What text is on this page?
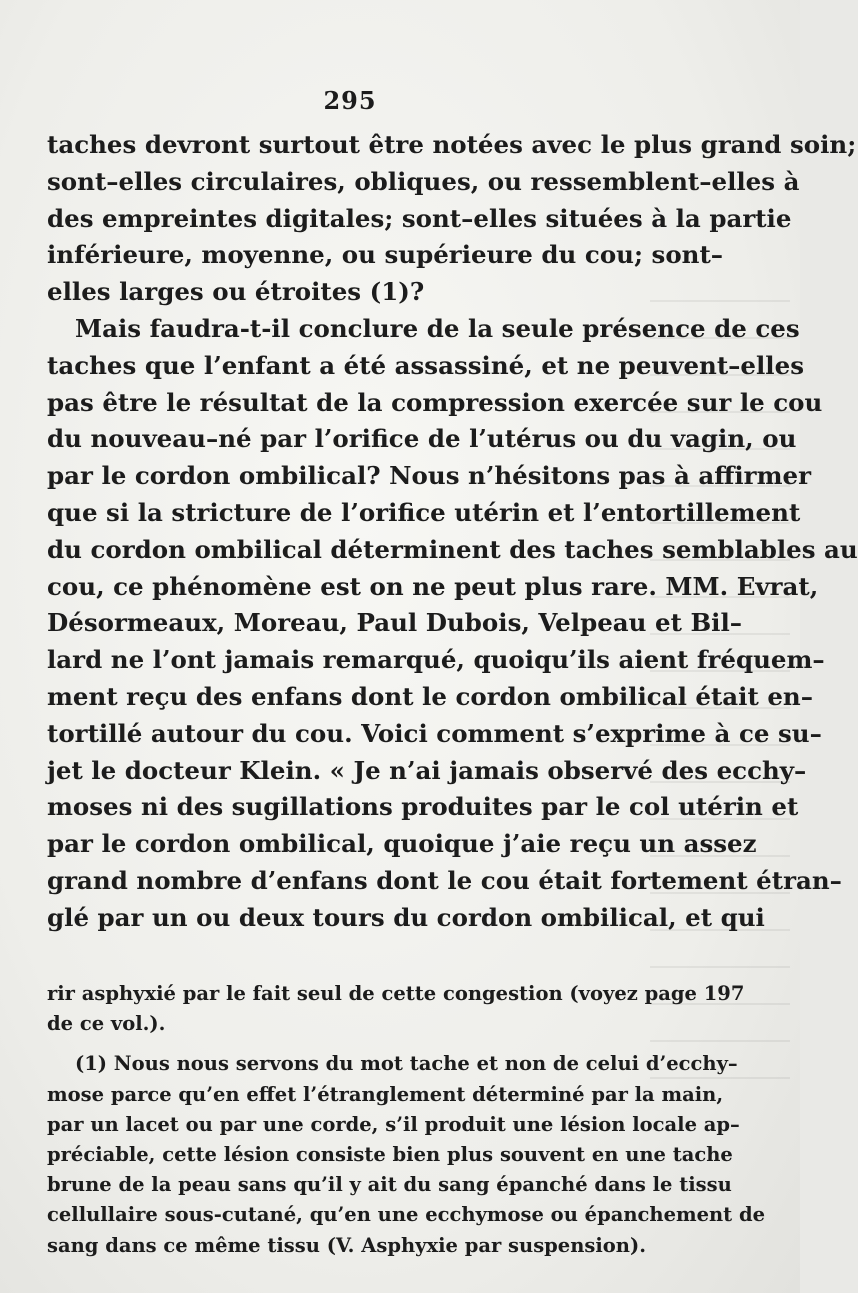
295
taches devront surtout être notées avec le plus grand soin;
sont–elles circulaires, obliques, ou ressemblent–elles à
des empreintes digitales; sont–elles situées à la partie
inférieure, moyenne, ou supérieure du cou; sont–
elles larges ou étroites (1)?
Mais faudra-t-il conclure de la seule présence de ces
taches que l’enfant a été assassiné, et ne peuvent–elles
pas être le résultat de la compression exercée sur le cou
du nouveau–né par l’orifice de l’utérus ou du vagin, ou
par le cordon ombilical? Nous n’hésitons pas à affirmer
que si la stricture de l’orifice utérin et l’entortillement
du cordon ombilical déterminent des taches semblables au
cou, ce phénomène est on ne peut plus rare. MM. Evrat,
Désormeaux, Moreau, Paul Dubois, Velpeau et Bil–
lard ne l’ont jamais remarqué, quoiqu’ils aient fréquem–
ment reçu des enfans dont le cordon ombilical était en–
tortillé autour du cou. Voici comment s’exprime à ce su–
jet le docteur Klein. « Je n’ai jamais observé des ecchy–
moses ni des sugillations produites par le col utérin et
par le cordon ombilical, quoique j’aie reçu un assez
grand nombre d’enfans dont le cou était fortement étran–
glé par un ou deux tours du cordon ombilical, et qui
rir asphyxié par le fait seul de cette congestion (voyez page 197
de ce vol.).
(1) Nous nous servons du mot tache et non de celui d’ecchy–
mose parce qu’en effet l’étranglement déterminé par la main,
par un lacet ou par une corde, s’il produit une lésion locale ap–
préciable, cette lésion consiste bien plus souvent en une tache
brune de la peau sans qu’il y ait du sang épanché dans le tissu
cellullaire sous-cutané, qu’en une ecchymose ou épanchement de
sang dans ce même tissu (V. Asphyxie par suspension).
